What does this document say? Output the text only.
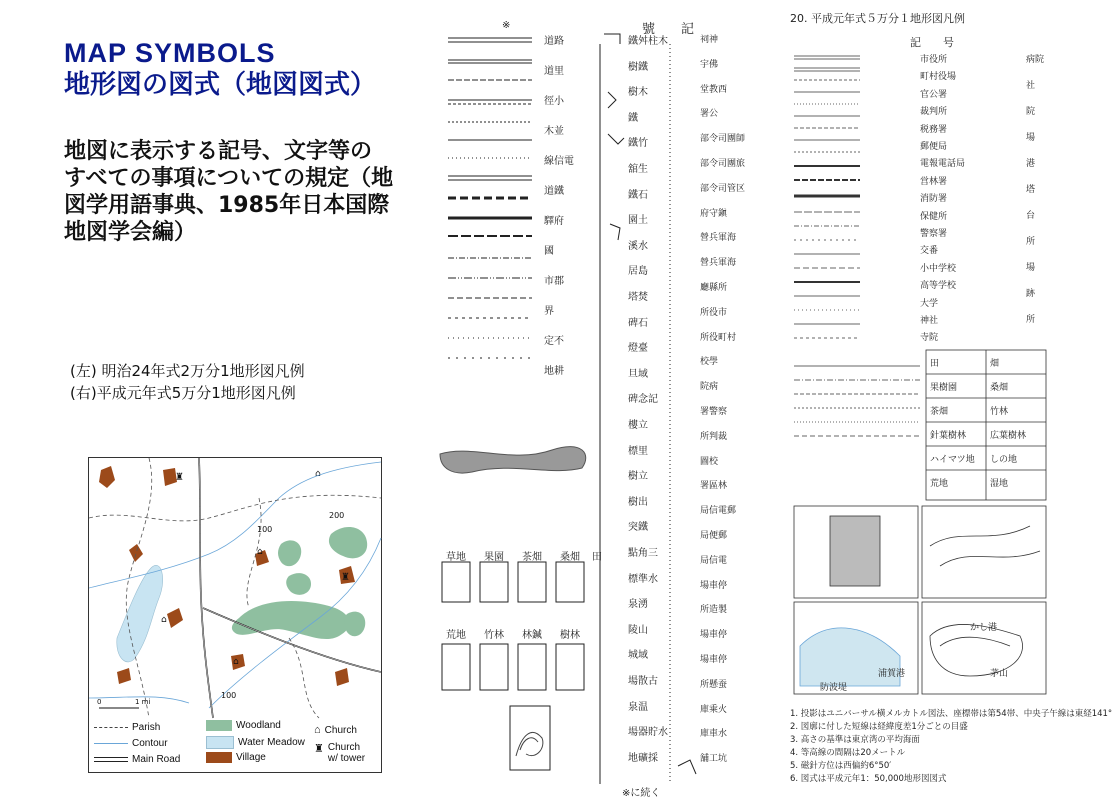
MAP SYMBOLS
地形図の図式（地図図式）
地図に表示する記号、文字等のすべての事項についての規定（地図学用語事典、1985年日本国際地図学会編）
(左) 明治24年式2万分1地形図凡例
(右)平成元年式5万分1地形図凡例
♜	⌂
⌂
♜
⌂
⌂
100
200
100
0	1 mi
Parish
Contour
Main Road
Woodland
Water Meadow
Village
⌂ Church
♜ Church w/ tower
號　　記
※
道路
道里
徑小
木並
線信電
道鐵
驛府
國
市郡
界
定不
地耕
鐵舛柱木
樹鐵
樹木
鐵
鐵竹
舘生
鐵石
園土
溪水
居島
塔焚
碑石
燈臺
旦域
碑念記
樓立
標里
樹立
樹出
突鐵
點角三
標準水
泉湧
陵山
城域
場散古
泉温
場器貯水
地礦採
祠神
宇佛
堂教西
署公
部令司團師
部令司團旅
部令司管区
府守鎭
營兵軍海
營兵軍海
廳縣所
所役市
所役町村
校學
院病
署警察
所判裁
圖校
署區林
局信電郵
局便郵
局信電
場車停
所造製
場車停
場車停
所懸蚕
庫乘火
庫車水
舗工坑
荒地 竹林 林鍼 樹林
草地 果園 茶畑 桑畑 田
※に続く
20. 平成元年式５万分１地形図凡例
記　　号
市役所
町村役場
官公署
裁判所
税務署
郵便局
電報電話局
営林署
消防署
保健所
警察署
交番
小中学校
高等学校
大学
神社
寺院
病院
社
院
場
港
塔
台
所
場
跡
所
田	畑
果樹園	桑畑
茶畑	竹林
針葉樹林	広葉樹林
ハイマツ地 しの地
荒地	湿地
防波堤
浦賀港
かし港
茅山
1. 投影はユニバーサル横メルカトル図法、座標帯は第54帯、中央子午線は東経141°
2. 図廓に付した短線は経緯度差1分ごとの目盛
3. 高さの基準は東京湾の平均海面
4. 等高線の間隔は20メートル
5. 磁針方位は西偏約6°50′
6. 図式は平成元年1：50,000地形図図式
